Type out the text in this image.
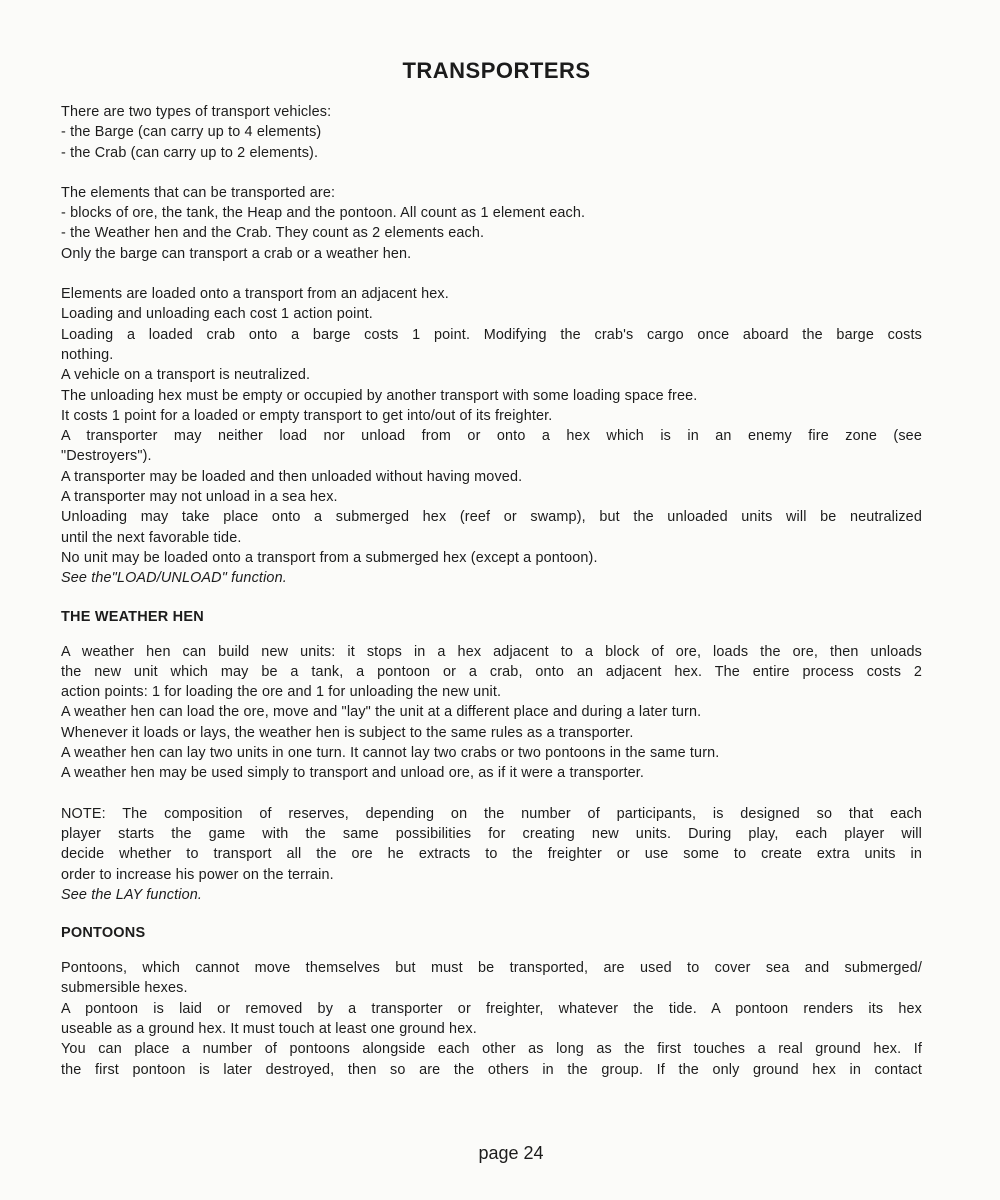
TRANSPORTERS
There are two types of transport vehicles:
- the Barge (can carry up to 4 elements)
- the Crab (can carry up to 2 elements).
The elements that can be transported are:
- blocks of ore, the tank, the Heap and the pontoon. All count as 1 element each.
- the Weather hen and the Crab. They count as 2 elements each.
Only the barge can transport a crab or a weather hen.
Elements are loaded onto a transport from an adjacent hex.
Loading and unloading each cost 1 action point.
Loading a loaded crab onto a barge costs 1 point. Modifying the crab's cargo once aboard the barge costs
nothing.
A vehicle on a transport is neutralized.
The unloading hex must be empty or occupied by another transport with some loading space free.
It costs 1 point for a loaded or empty transport to get into/out of its freighter.
A transporter may neither load nor unload from or onto a hex which is in an enemy fire zone (see
"Destroyers").
A transporter may be loaded and then unloaded without having moved.
A transporter may not unload in a sea hex.
Unloading may take place onto a submerged hex (reef or swamp), but the unloaded units will be neutralized
until the next favorable tide.
No unit may be loaded onto a transport from a submerged hex (except a pontoon).
See the"LOAD/UNLOAD" function.
THE WEATHER HEN
A weather hen can build new units: it stops in a hex adjacent to a block of ore, loads the ore, then unloads
the new unit which may be a tank, a pontoon or a crab, onto an adjacent hex. The entire process costs 2
action points: 1 for loading the ore and 1 for unloading the new unit.
A weather hen can load the ore, move and "lay" the unit at a different place and during a later turn.
Whenever it loads or lays, the weather hen is subject to the same rules as a transporter.
A weather hen can lay two units in one turn. It cannot lay two crabs or two pontoons in the same turn.
A weather hen may be used simply to transport and unload ore, as if it were a transporter.
NOTE: The composition of reserves, depending on the number of participants, is designed so that each
player starts the game with the same possibilities for creating new units. During play, each player will
decide whether to transport all the ore he extracts to the freighter or use some to create extra units in
order to increase his power on the terrain.
See the LAY function.
PONTOONS
Pontoons, which cannot move themselves but must be transported, are used to cover sea and submerged/
submersible hexes.
A pontoon is laid or removed by a transporter or freighter, whatever the tide. A pontoon renders its hex
useable as a ground hex. It must touch at least one ground hex.
You can place a number of pontoons alongside each other as long as the first touches a real ground hex. If
the first pontoon is later destroyed, then so are the others in the group. If the only ground hex in contact
page 24
